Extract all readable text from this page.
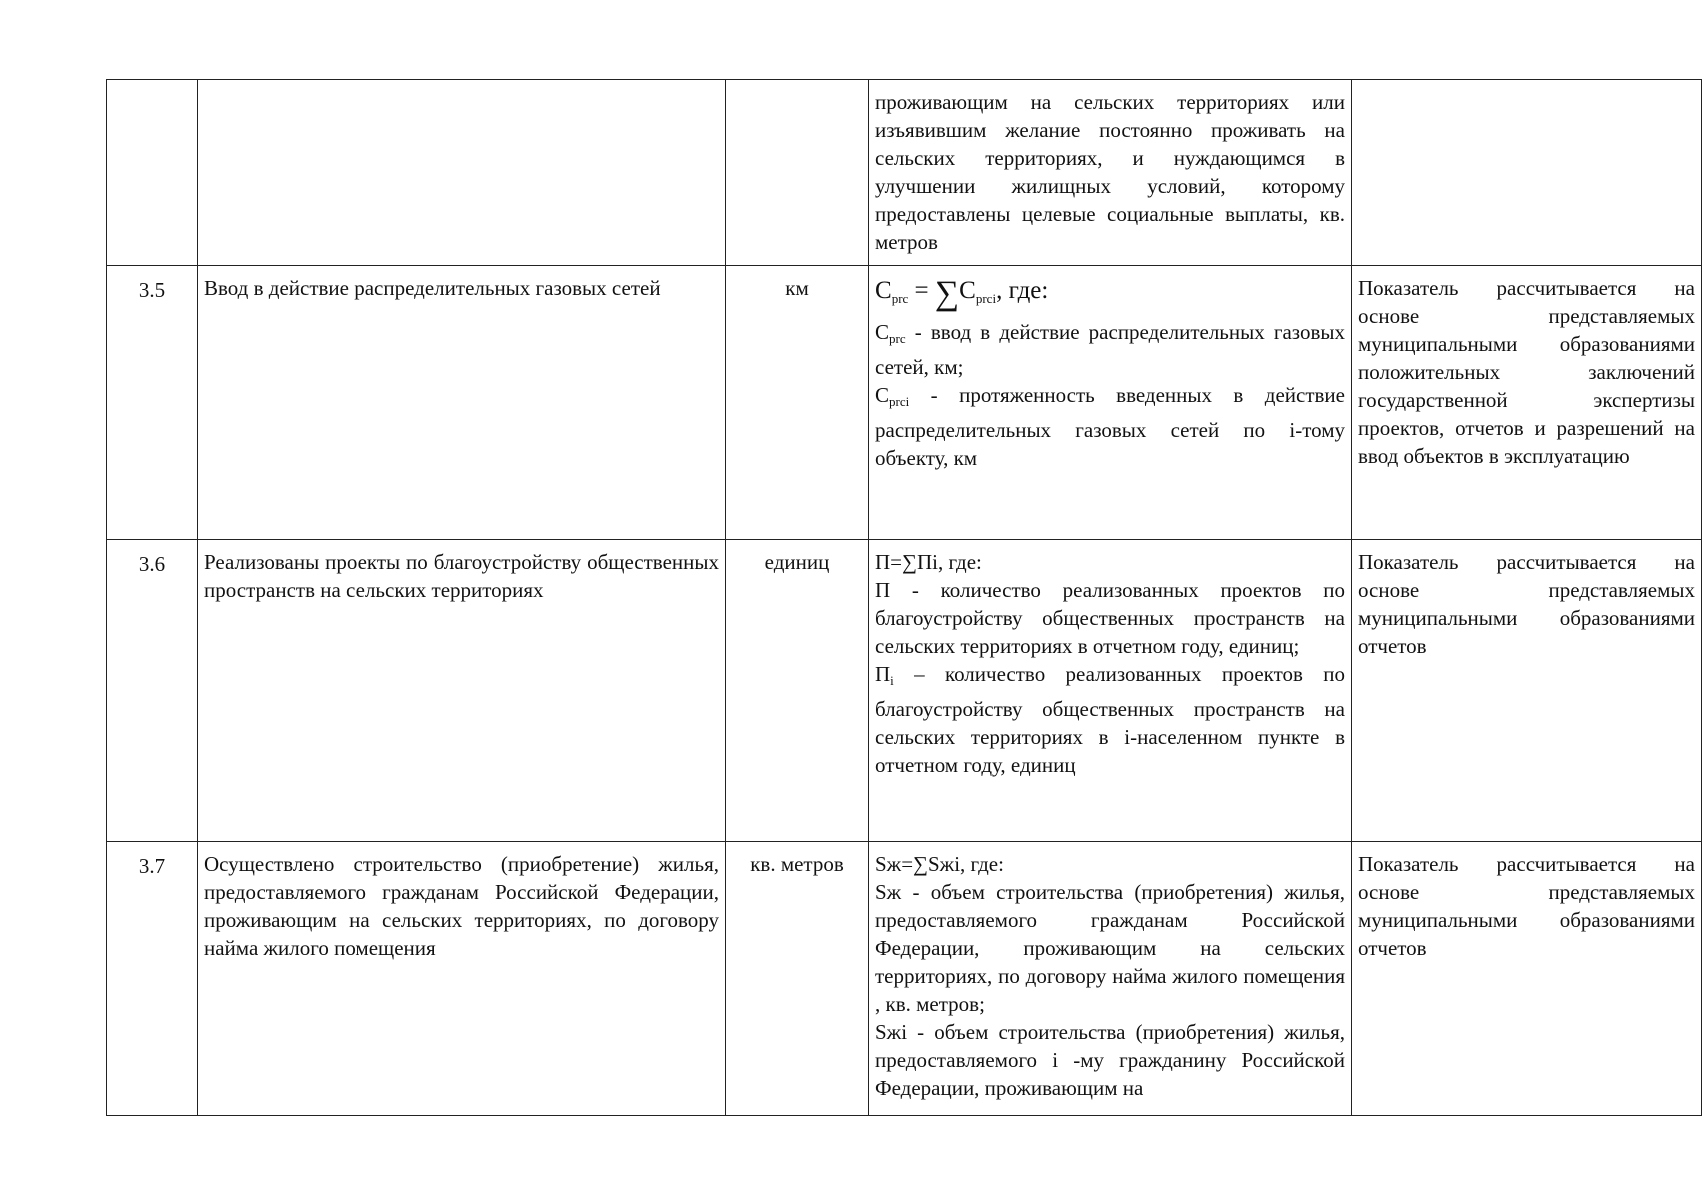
			проживающим на сельских территориях или изъявившим желание постоянно проживать на сельских территориях, и нуждающимся в улучшении жилищных условий, которому предоставлены целевые социальные выплаты, кв. метров	

3.5	Ввод в действие распределительных газовых сетей	км	$C_{prc} = \sum C_{prci}$, где:

$C_{prc}$ - ввод в действие распределительных газовых сетей, км;

$C_{prci}$ - протяженность введенных в действие распределительных газовых сетей по i-тому объекту, км	Показатель рассчитывается на основе представляемых муниципальными образованиями положительных заключений государственной экспертизы проектов, отчетов и разрешений на ввод объектов в эксплуатацию
3.6	Реализованы проекты по благоустройству общественных пространств на сельских территориях	единиц	П=∑Пi, где:

П - количество реализованных проектов по благоустройству общественных пространств на сельских территориях в отчетном году, единиц;

$П_i$ – количество реализованных проектов по благоустройству общественных пространств на сельских территориях в i-населенном пункте в отчетном году, единиц	Показатель рассчитывается на основе представляемых муниципальными образованиями отчетов
3.7	Осуществлено строительство (приобретение) жилья, предоставляемого гражданам Российской Федерации, проживающим на сельских территориях, по договору найма жилого помещения	кв. метров	Sж=∑Sжi, где:

Sж - объем строительства (приобретения) жилья, предоставляемого гражданам Российской Федерации, проживающим на сельских территориях, по договору найма жилого помещения , кв. метров;

Sжi - объем строительства (приобретения) жилья, предоставляемого i -му гражданину Российской Федерации, проживающим на	Показатель рассчитывается на основе представляемых муниципальными образованиями отчетов
